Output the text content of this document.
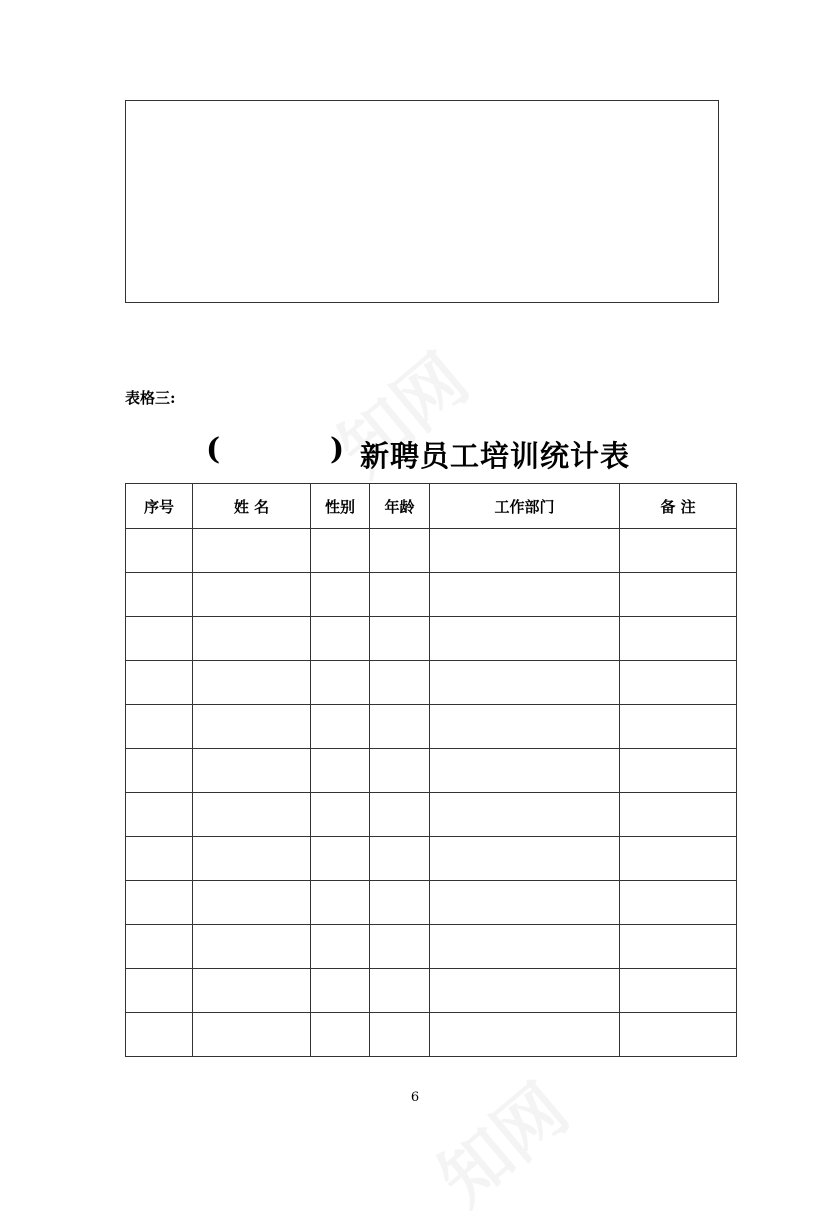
表格三:
(	) 新聘员工培训统计表
序号	姓 名	性别	年龄	工作部门	备 注

6
